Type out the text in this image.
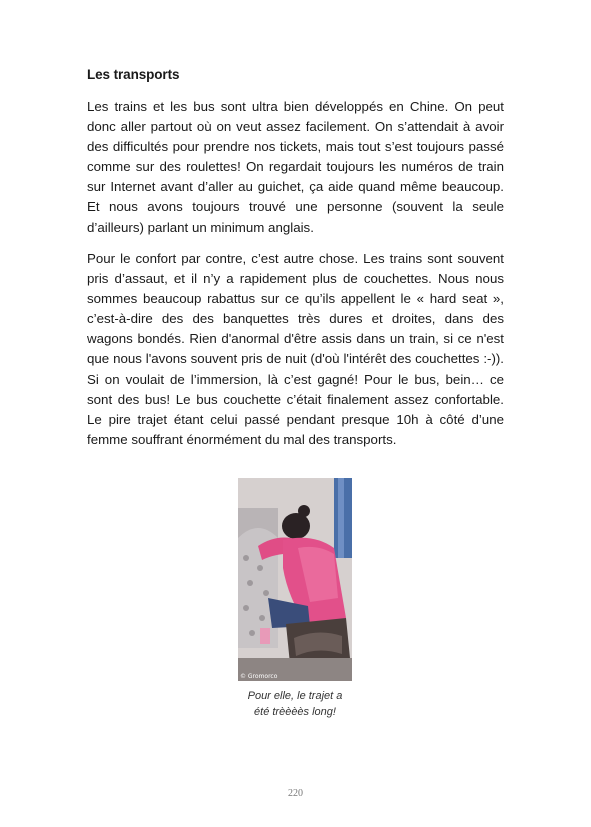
Les transports

Les trains et les bus sont ultra bien développés en Chine. On peut donc aller partout où on veut assez facilement. On s’attendait à avoir des difficultés pour prendre nos tickets, mais tout s’est toujours passé comme sur des roulettes! On regardait toujours les numéros de train sur Internet avant d’aller au guichet, ça aide quand même beaucoup. Et nous avons toujours trouvé une personne (souvent la seule d’ailleurs) parlant un minimum anglais.

Pour le confort par contre, c’est autre chose. Les trains sont souvent pris d’assaut, et il n’y a rapidement plus de couchettes. Nous nous sommes beaucoup rabattus sur ce qu’ils appellent le « hard seat », c’est-à-dire des des banquettes très dures et droites, dans des wagons bondés. Rien d'anormal d'être assis dans un train, si ce n'est que nous l'avons souvent pris de nuit (d'où l'intérêt des couchettes :-)). Si on voulait de l’immersion, là c’est gagné! Pour le bus, bein… ce sont des bus! Le bus couchette c’était finalement assez confortable. Le pire trajet étant celui passé pendant presque 10h à côté d’une femme souffrant énormément du mal des transports.

© Gromorco
Pour elle, le trajet a
été trèèèès long!
220
